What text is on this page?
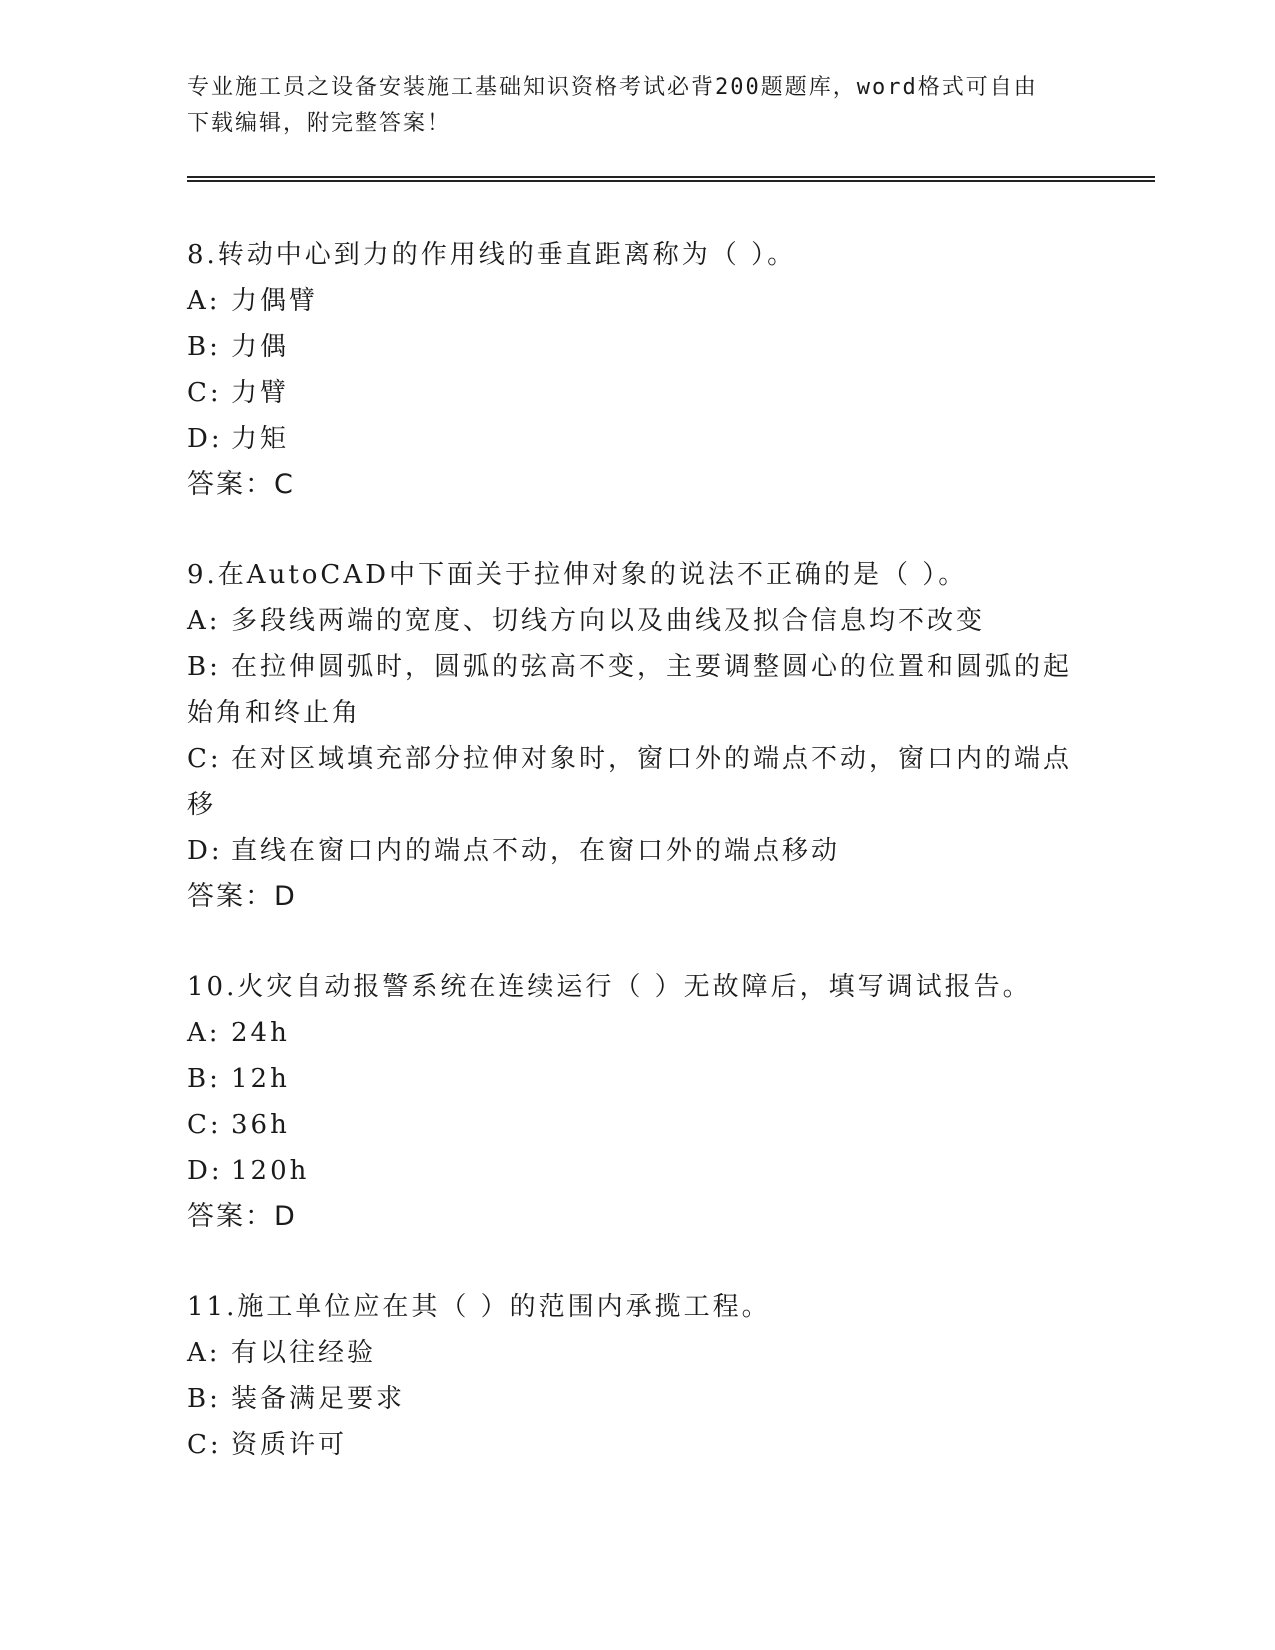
专业施工员之设备安装施工基础知识资格考试必背200题题库，word格式可自由
下载编辑，附完整答案！
8.转动中心到力的作用线的垂直距离称为（ ）。
A: 力偶臂
B: 力偶
C: 力臂
D: 力矩
答案：C
9.在AutoCAD中下面关于拉伸对象的说法不正确的是（ ）。
A: 多段线两端的宽度、切线方向以及曲线及拟合信息均不改变
B: 在拉伸圆弧时，圆弧的弦高不变，主要调整圆心的位置和圆弧的起
始角和终止角
C: 在对区域填充部分拉伸对象时，窗口外的端点不动，窗口内的端点
移
D: 直线在窗口内的端点不动，在窗口外的端点移动
答案：D
10.火灾自动报警系统在连续运行（ ）无故障后，填写调试报告。
A: 24h
B: 12h
C: 36h
D: 120h
答案：D
11.施工单位应在其（ ）的范围内承揽工程。
A: 有以往经验
B: 装备满足要求
C: 资质许可
